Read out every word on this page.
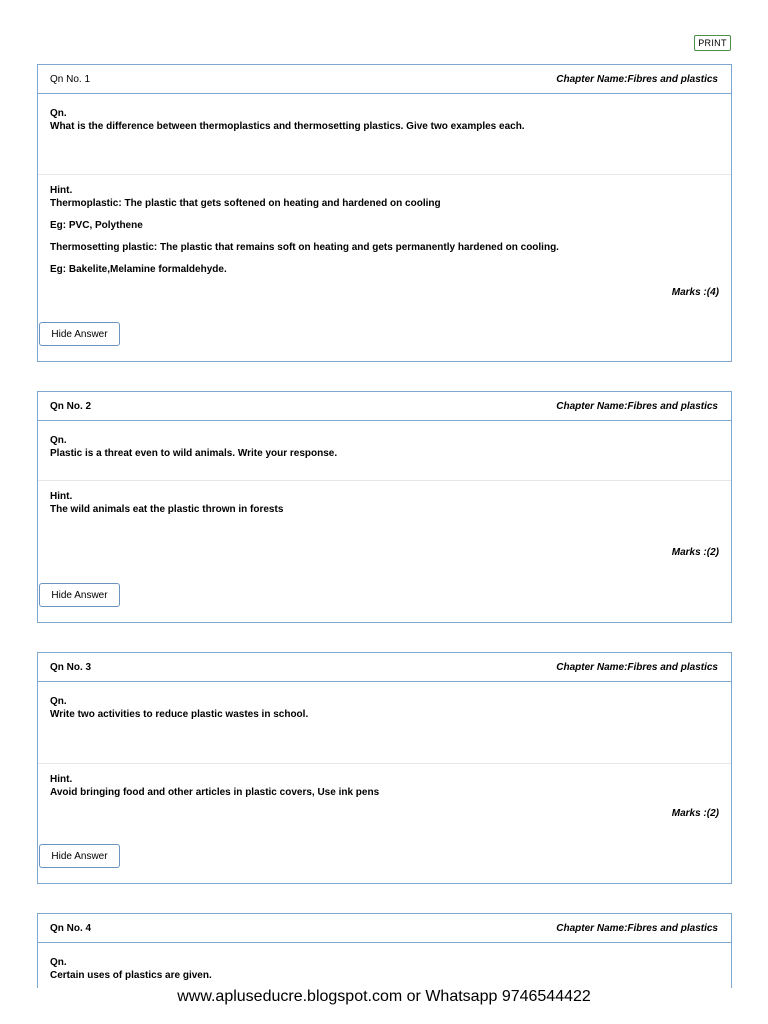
PRINT
Qn No. 1	Chapter Name:Fibres and plastics
Qn.
What is the difference between thermoplastics and thermosetting plastics. Give two examples each.
Hint.
Thermoplastic: The plastic that gets softened on heating and hardened on cooling
Eg: PVC, Polythene
Thermosetting plastic: The plastic that remains soft on heating and gets permanently hardened on cooling.
Eg: Bakelite,Melamine formaldehyde.
Marks :(4)
Hide Answer
Qn No. 2	Chapter Name:Fibres and plastics
Qn.
Plastic is a threat even to wild animals. Write your response.
Hint.
The wild animals eat the plastic thrown in forests
Marks :(2)
Hide Answer
Qn No. 3	Chapter Name:Fibres and plastics
Qn.
Write two activities to reduce plastic wastes in school.
Hint.
Avoid bringing food and other articles in plastic covers, Use ink pens
Marks :(2)
Hide Answer
Qn No. 4	Chapter Name:Fibres and plastics
Qn.
Certain uses of plastics are given.
www.apluseducre.blogspot.com or Whatsapp 9746544422
